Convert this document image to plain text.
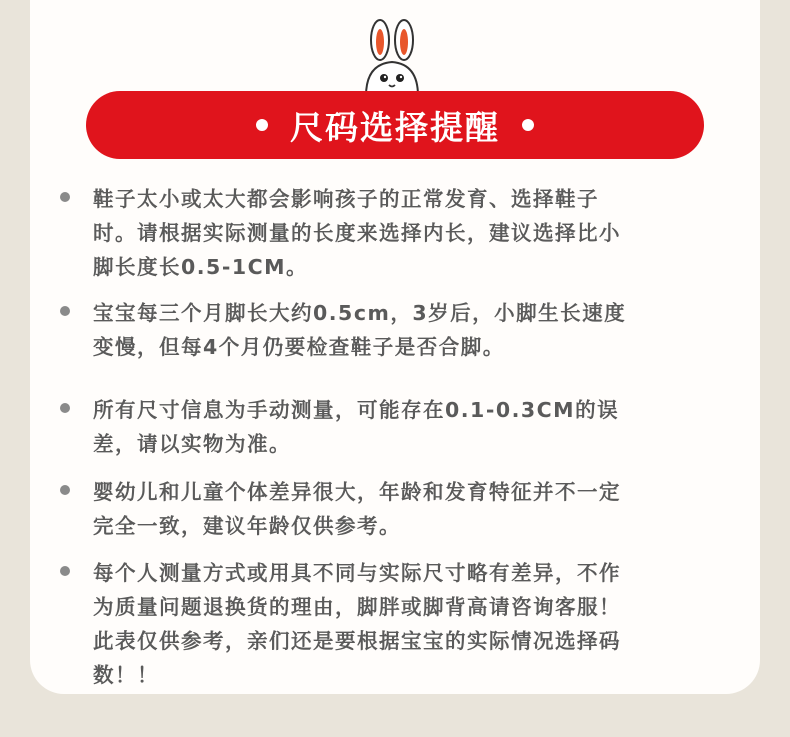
尺码选择提醒
鞋子太小或太大都会影响孩子的正常发育、选择鞋子
时。请根据实际测量的长度来选择内长，建议选择比小
脚长度长0.5-1CM。
宝宝每三个月脚长大约0.5cm，3岁后，小脚生长速度
变慢，但每4个月仍要检查鞋子是否合脚。
所有尺寸信息为手动测量，可能存在0.1-0.3CM的误
差，请以实物为准。
婴幼儿和儿童个体差异很大，年龄和发育特征并不一定
完全一致，建议年龄仅供参考。
每个人测量方式或用具不同与实际尺寸略有差异，不作
为质量问题退换货的理由，脚胖或脚背高请咨询客服！
此表仅供参考，亲们还是要根据宝宝的实际情况选择码
数！！
